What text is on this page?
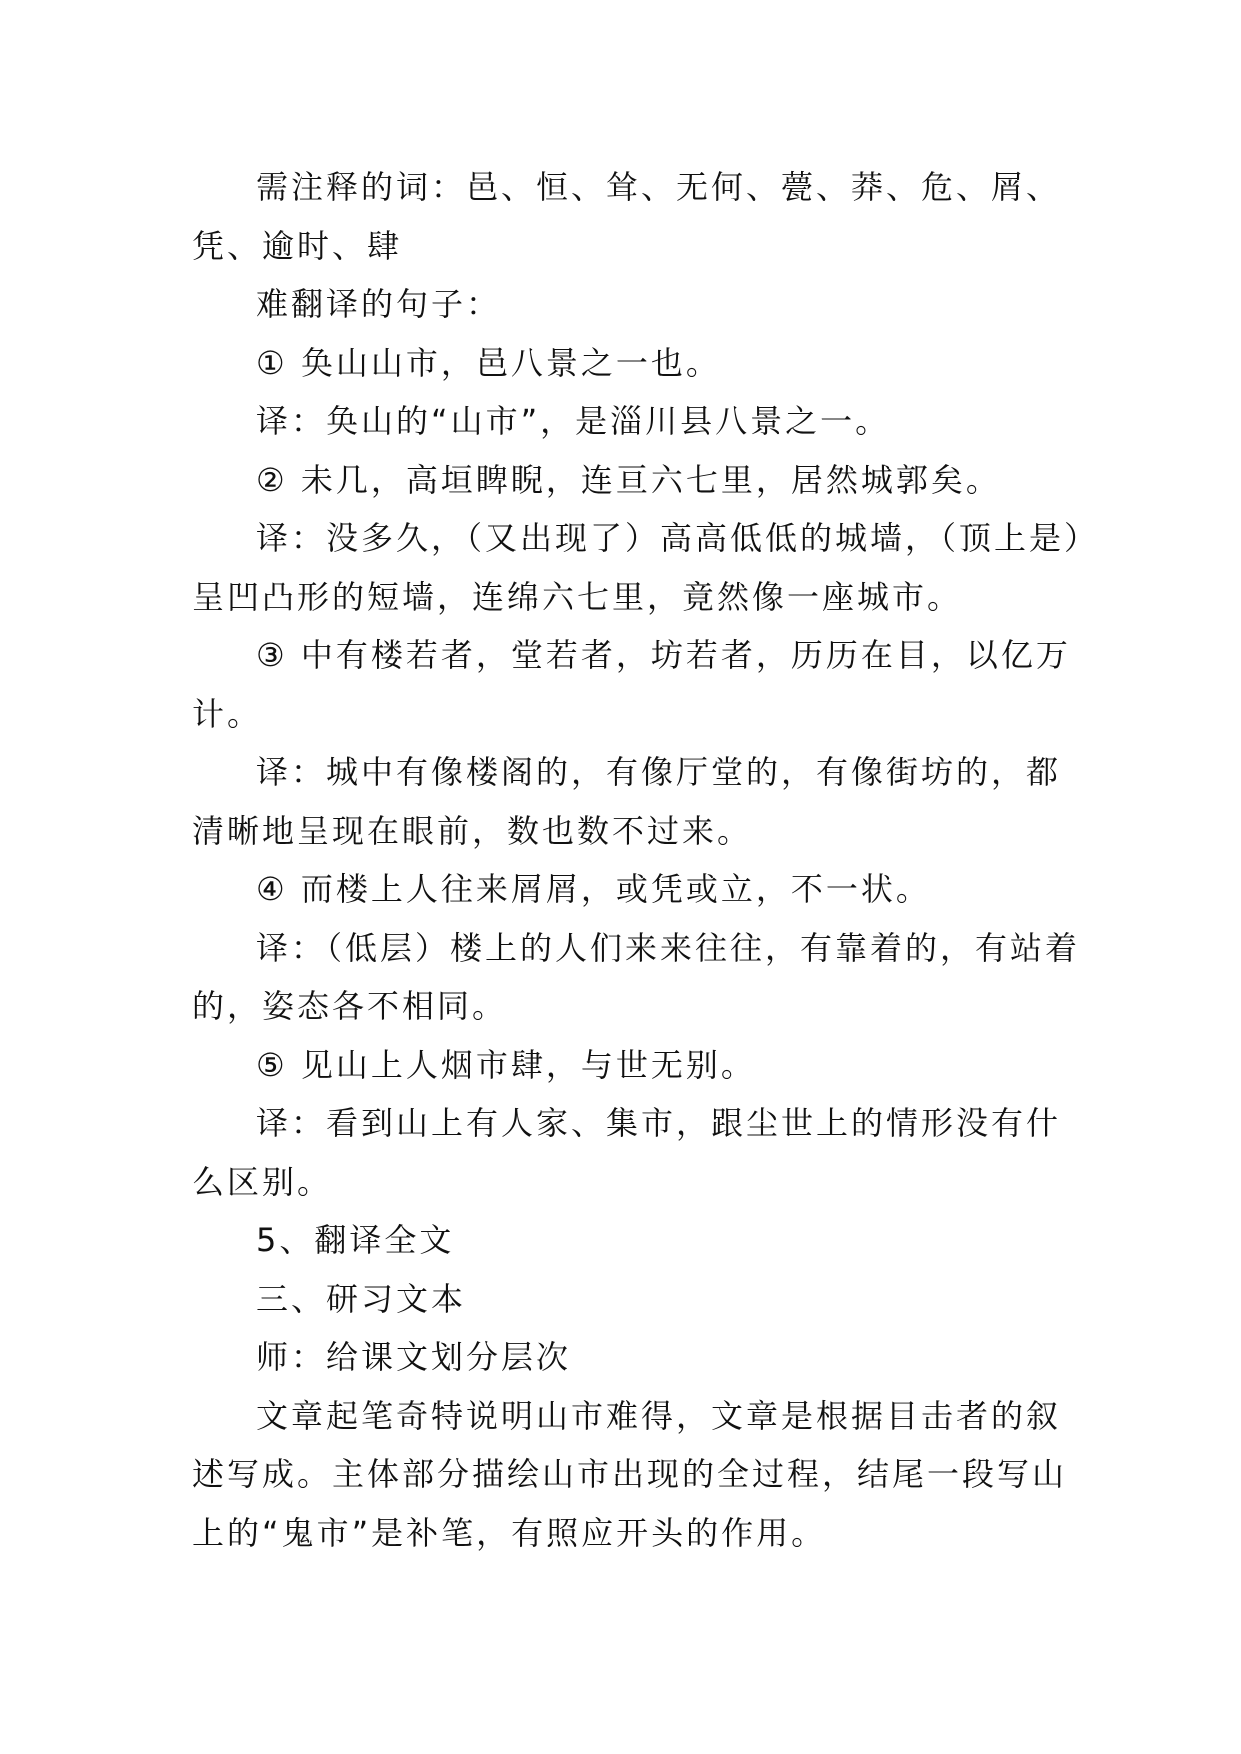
需注释的词：邑、恒、耸、无何、甍、莽、危、屑、凭、逾时、肆

难翻译的句子：

① 奂山山市，邑八景之一也。

译：奂山的“山市”，是淄川县八景之一。

② 未几，高垣睥睨，连亘六七里，居然城郭矣。

译：没多久，（又出现了）高高低低的城墙，（顶上是）呈凹凸形的短墙，连绵六七里，竟然像一座城市。

③ 中有楼若者，堂若者，坊若者，历历在目，以亿万计。

译：城中有像楼阁的，有像厅堂的，有像街坊的，都清晰地呈现在眼前，数也数不过来。

④ 而楼上人往来屑屑，或凭或立，不一状。

译：（低层）楼上的人们来来往往，有靠着的，有站着的，姿态各不相同。

⑤ 见山上人烟市肆，与世无别。

译：看到山上有人家、集市，跟尘世上的情形没有什么区别。

5、翻译全文

三、研习文本

师：给课文划分层次

文章起笔奇特说明山市难得，文章是根据目击者的叙述写成。主体部分描绘山市出现的全过程，结尾一段写山上的“鬼市”是补笔，有照应开头的作用。
